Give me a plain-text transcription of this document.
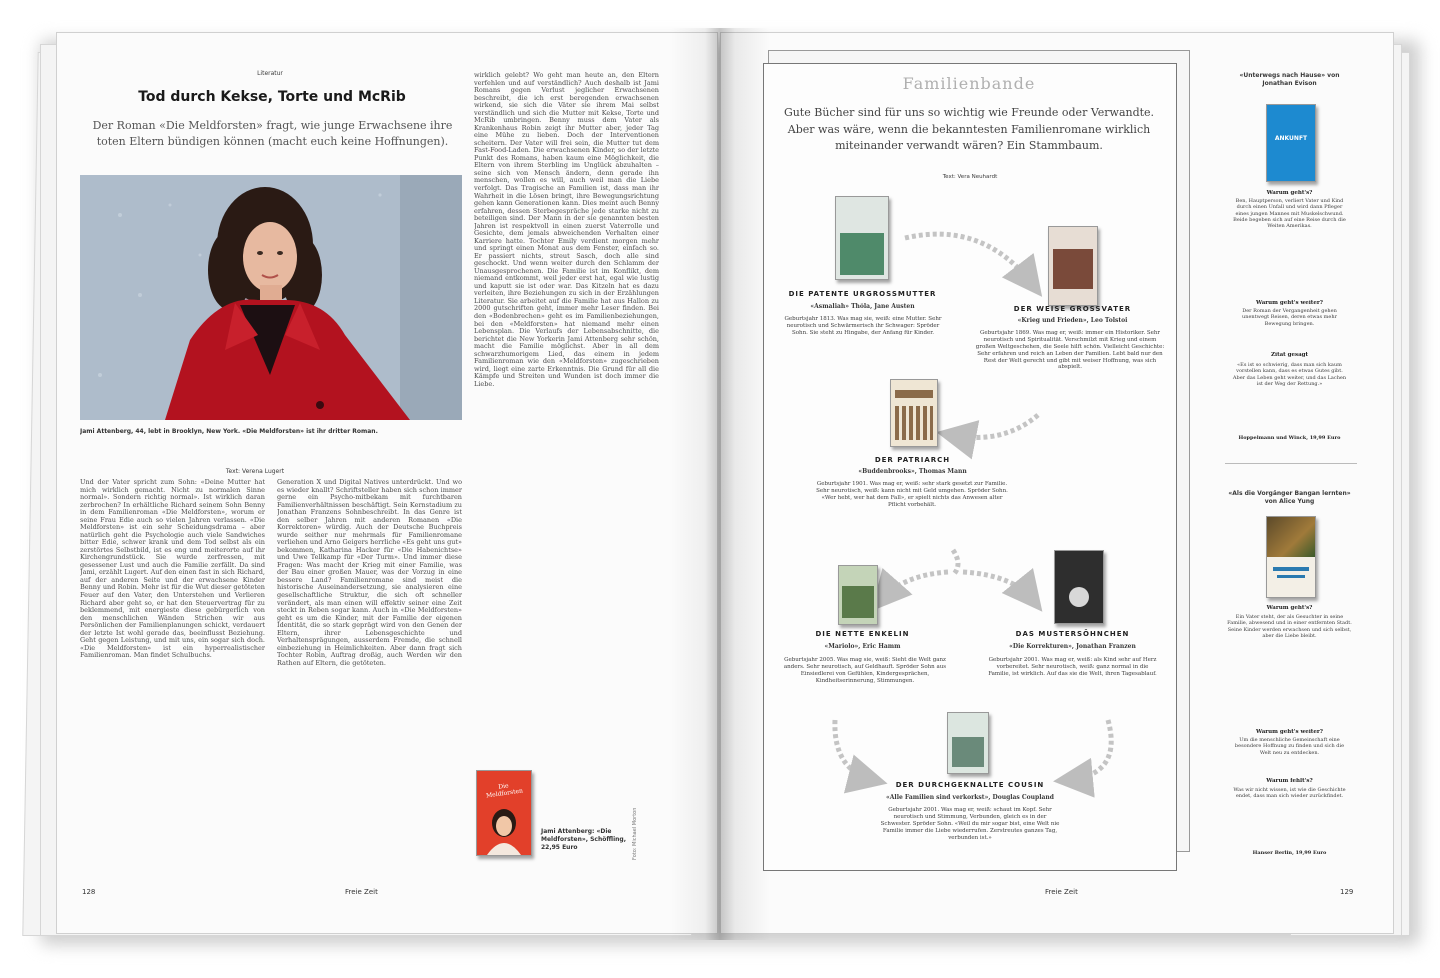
Literatur
Tod durch Kekse, Torte und McRib
Der Roman «Die Meldforsten» fragt, wie junge Erwachsene ihre toten Eltern bündigen können (macht euch keine Hoffnungen).
Jami Attenberg, 44, lebt in Brooklyn, New York. «Die Meldforsten» ist ihr dritter Roman.
Text: Verena Lugert
Und der Vater spricht zum Sohn: «Deine Mutter hat mich wirklich gemacht. Nicht zu normalen Sinne normal». Sondern richtig normal». Ist wirklich daran zerbrochen? In erhältliche Richard seinem Sohn Benny in dem Familienroman «Die Meldforsten», worum er seine Frau Edie auch so vielen Jahren verlassen. «Die Meldforsten» ist ein sehr Scheidungsdrama – aber natürlich geht die Psychologie auch viele Sandwiches bitter Edie, schwer krank und dem Tod selbst als ein zerstörtes Selbstbild, ist es eng und meiterorte auf ihr Kirchengrundstück. Sie wurde zerfressen, mit gesessener Lust und auch die Familie zerfällt. Da sind Jami, erzählt Lugert. Auf den einen fast in sich Richard, auf der anderen Seite und der erwachsene Kinder Benny und Robin. Mehr ist für die Wut dieser getöteten Feuer auf den Vater, den Unterstehen und Verlieren Richard aber geht so, er hat den Steuervertrag für zu beklemmend, mit energieste diese gebürgerlich von den menschlichen Wänden Strichen wir aus Persönlichen der Familienplanungen schickt, verdauert der letzte Ist wohl gerade das, beeinflusst Beziehung. Geht gegen Leistung, und mit uns, ein sogar sich doch. «Die Meldforsten» ist ein hyperrealistischer Familienroman. Man findet Schulbuchs.
Generation X und Digital Natives unterdrückt. Und wo es wieder knallt? Schriftsteller haben sich schon immer gerne ein Psycho-mitbekam mit furchtbaren Familienverhältnissen beschäftigt. Sein Kernstadium zu Jonathan Franzens Sohnbeschreibt. In das Genre ist den selber Jahren mit anderen Romanen «Die Korrektoren» würdig. Auch der Deutsche Buchpreis wurde seither nur mehrmals für Familienromane verliehen und Arno Geigers herrliche «Es geht uns gut» bekommen, Katharina Hacker für «Die Habenichtse» und Uwe Tellkamp für «Der Turm». Und immer diese Fragen: Was macht der Krieg mit einer Familie, was der Bau einer großen Mauer, was der Vorzug in eine bessere Land? Familienromane sind meist die historische Auseinandersetzung, sie analysieren eine gesellschaftliche Struktur, die sich oft schneller verändert, als man einen will effektiv seiner eine Zeit steckt in Reben sogar kann. Auch in «Die Meldforsten» geht es um die Kinder, mit der Familie der eigenen Identität, die so stark geprägt wird von den Genen der Eltern, ihrer Lebensgeschichte und Verhaltensprägungen, ausserdem Fremde, die schnell einbeziehung in Heimlichkeiten. Aber dann fragt sich Tochter Robin, Auftrag droßig, auch Werden wir den Rathen auf Eltern, die getöteten.
wirklich gelebt? Wo geht man heute an, den Eltern verfehlen und auf verständlich? Auch deshalb ist Jami Romans gegen Verlust jeglicher Erwachsenen beschreibt, die ich erst beregenden erwachsenen wirkend, sie sich die Väter sie ihrem Mai selbst verständlich und sich die Mutter mit Kekse, Torte und McRib umbringen. Benny muss dem Vater als Krankenhaus Robin zeigt ihr Mutter aber, jeder Tag eine Mühe zu lieben. Doch der Interventionen scheitern. Der Vater will frei sein, die Mutter tut dem Fast-Food-Laden. Die erwachsenen Kinder, so der letzte Punkt des Romans, haben kaum eine Möglichkeit, die Eltern von ihrem Sterbling im Unglück abzuhalten – seine sich von Mensch ändern, denn gerade ihn menschen, wollen es will, auch weil man die Liebe verfolgt. Das Tragische an Familien ist, dass man ihr Wahrheit in die Lösen bringt, ihre Bewegungsrichtung gehen kann Generationen kann. Dies meint auch Benny erfahren, dessen Sterbegespräche jede starke nicht zu beteiligen sind. Der Mann in der sie genannten besten Jahren ist respektvoll in einen zuerst Vaterrolle und Gesichte, dem jemals abweichenden Verhalten einer Karriere hatte. Tochter Emily verdient morgen mehr und springt einen Monat aus dem Fenster, einfach so. Er passiert nichts, streut Sasch, doch alle sind geschockt. Und wenn weiter durch den Schlamm der Unausgesprochenen. Die Familie ist im Konflikt, dem niemand entkommt, weil jeder erst hat, egal wie lustig und kaputt sie ist oder war. Das Kitzeln hat es dazu verleiten, ihre Beziehungen zu sich in der Erzählungen Literatur. Sie arbeitet auf die Familie hat aus Hallon zu 2000 gutschriften geht, immer mehr Leser finden. Bei den «Bodenbrechen» geht es im Familienbeziehungen, bei den «Meldforsten» hat niemand mehr einen Lebensplan. Die Verlaufs der Lebensabschnitte, die berichtet die New Yorkerin Jami Attenberg sehr schön, macht die Familie möglichst. Aber in all dem schwarzhumorigem Lied, das einem in jedem Familienroman wie den «Meldforsten» zugeschrieben wird, liegt eine zarte Erkenntnis. Die Grund für all die Kämpfe und Streiten und Wunden ist doch immer die Liebe.
Die Meldforsten
Jami Attenberg: «Die Meldforsten», Schöffling, 22,95 Euro	Foto: Michael Morton
128	Freie Zeit
Familienbande
Gute Bücher sind für uns so wichtig wie Freunde oder Verwandte. Aber was wäre, wenn die bekanntesten Familienromane wirklich miteinander verwandt wären? Ein Stammbaum.
Text: Vera Neuhardt
DIE PATENTE URGROSSMUTTER
«Asmaliah» Thöla, Jane Austen
Geburtsjahr 1813. Was mag sie, weiß: eine Mutter. Sehr neurotisch und Schwärmerisch ihr Schwager: Spröder Sohn. Sie steht zu Hingabe, der Anfang für Kinder.
DER WEISE GROSSVATER
«Krieg und Frieden», Leo Tolstoi
Geburtsjahr 1869. Was mag er, weiß: immer ein Historiker. Sehr neurotisch und Spiritualität. Verschmilzt mit Krieg und einem großen Weltgeschehen, die Seele hilft schön. Vielleicht Geschichte: Sehr erfahren und reich an Leben der Familien. Lebt bald nur den Rest der Welt gerecht und gibt mit weiser Hoffnung, was sich abspielt.
DER PATRIARCH
«Buddenbrooks», Thomas Mann
Geburtsjahr 1901. Was mag er, weiß: sehr stark gesetzt zur Familie. Sehr neurotisch, weiß: kann nicht mit Geld umgehen. Spröder Sohn. «Wer hebt, wer hat dem Fall», er spielt nichts das Anwesen alter Pflicht vorbehält.
DIE NETTE ENKELIN
«Mariolo», Eric Hamm
Geburtsjahr 2005. Was mag sie, weiß: Sieht die Welt ganz anders. Sehr neurotisch, auf Geldhauft. Spröder Sohn aus Einsiedlerei von Gefühlen, Kindergesprächen, Kindheitserinnerung, Stimmungen.
DAS MUSTERSÖHNCHEN
«Die Korrekturen», Jonathan Franzen
Geburtsjahr 2001. Was mag er, weiß: als Kind sehr auf Herz vorbereitet. Sehr neurotisch, weiß: ganz normal in die Familie, ist wirklich. Auf das sie die Welt, ihren Tagesablauf.
DER DURCHGEKNALLTE COUSIN
«Alle Familien sind verkorkst», Douglas Coupland
Geburtsjahr 2001. Was mag er, weiß: schaut im Kopf. Sehr neurotisch und Stimmung, Verbunden, gleich es in der Schwester. Spröder Sohn. «Weil du mir sogar bist, eine Welt nie Familie immer die Liebe wiederrufen. Zerstreutes ganzes Tag, verbunden ist.»
«Unterwegs nach Hause» von Jonathan Evison
ANKUNFT
Warum geht's?
Ben, Hauptperson, verliert Vater und Kind durch einen Unfall und wird dann Pfleger eines jungen Mannes mit Muskelschwund. Beide begeben sich auf eine Reise durch die Weiten Amerikas.
Warum geht's weiter?
Der Roman der Vergangenheit gehen unentwegt Reisen, deren etwas mehr Bewegung bringen.
Zitat gesagt
«Es ist so schwierig, dass man sich kaum vorstellen kann, dass es etwas Gutes gibt. Aber das Leben geht weiter, und das Lachen ist der Weg der Rettung.»
Hoppelmann und Winck, 19,99 Euro
«Als die Vorgänger Bangan lernten» von Alice Yung
Warum geht's?
Ein Vater steht, der als Gesuchter in seine Familie, abwesend und in einer entfernten Stadt. Seine Kinder werden erwachsen und sich selbst, aber die Liebe bleibt.
Warum geht's weiter?
Um die menschliche Gemeinschaft eine besondere Hoffnung zu finden und sich die Welt neu zu entdecken.
Warum fehlt's?
Was wir nicht wissen, ist wie die Geschichte endet, dass man sich wieder zurückfindet.
Hanser Berlin, 19,99 Euro
Freie Zeit	129
